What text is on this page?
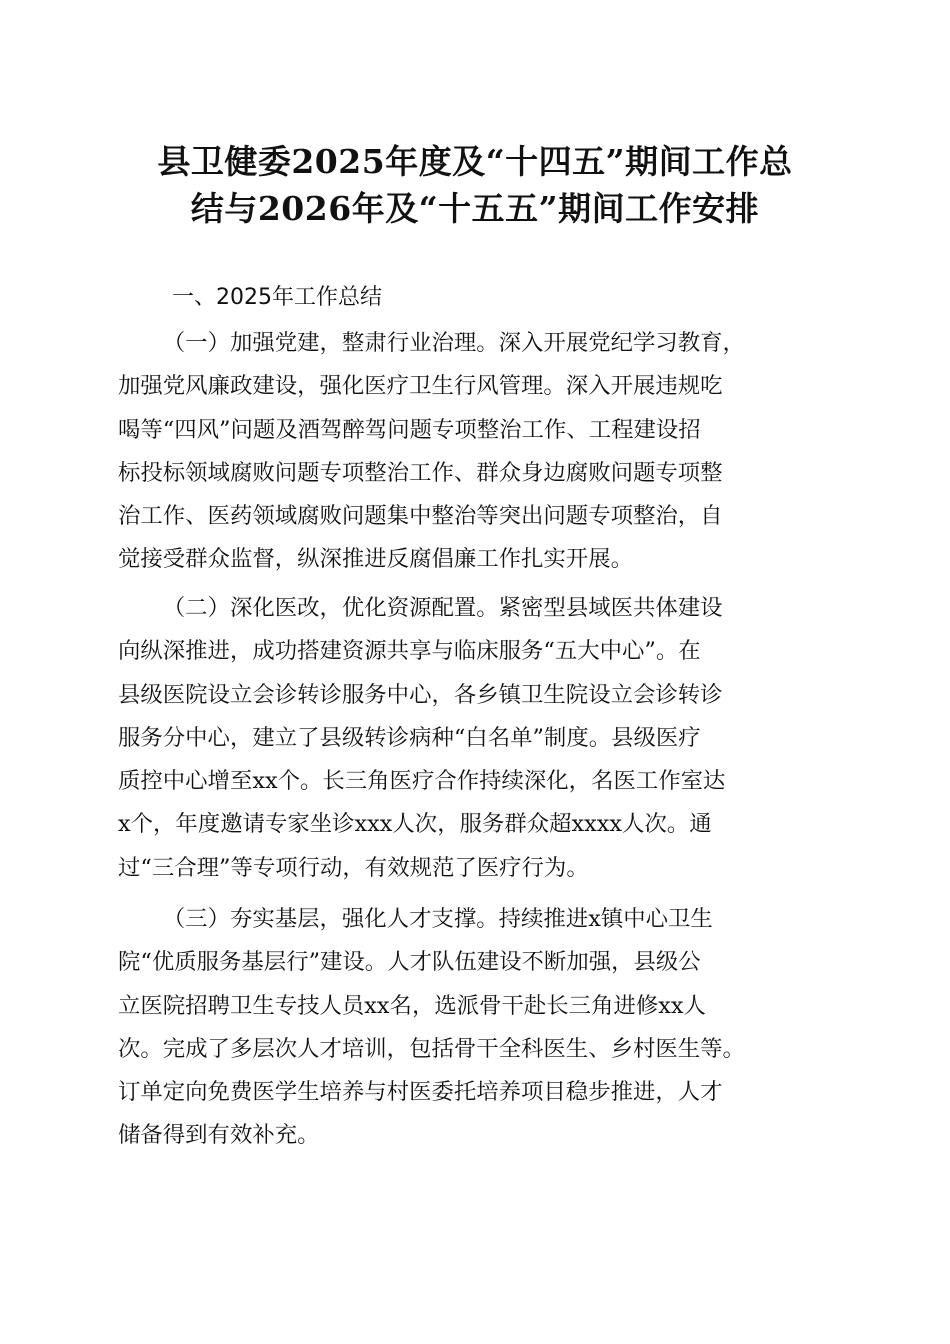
县卫健委2025年度及“十四五”期间工作总
结与2026年及“十五五”期间工作安排
一、2025年工作总结

（一）加强党建，整肃行业治理。深入开展党纪学习教育，
加强党风廉政建设，强化医疗卫生行风管理。深入开展违规吃
喝等“四风”问题及酒驾醉驾问题专项整治工作、工程建设招
标投标领域腐败问题专项整治工作、群众身边腐败问题专项整
治工作、医药领域腐败问题集中整治等突出问题专项整治，自
觉接受群众监督，纵深推进反腐倡廉工作扎实开展。

（二）深化医改，优化资源配置。紧密型县域医共体建设
向纵深推进，成功搭建资源共享与临床服务“五大中心”。在
县级医院设立会诊转诊服务中心，各乡镇卫生院设立会诊转诊
服务分中心，建立了县级转诊病种“白名单”制度。县级医疗
质控中心增至xx个。长三角医疗合作持续深化，名医工作室达
x个，年度邀请专家坐诊xxx人次，服务群众超xxxx人次。通
过“三合理”等专项行动，有效规范了医疗行为。

（三）夯实基层，强化人才支撑。持续推进x镇中心卫生
院“优质服务基层行”建设。人才队伍建设不断加强，县级公
立医院招聘卫生专技人员xx名，选派骨干赴长三角进修xx人
次。完成了多层次人才培训，包括骨干全科医生、乡村医生等。
订单定向免费医学生培养与村医委托培养项目稳步推进，人才
储备得到有效补充。
